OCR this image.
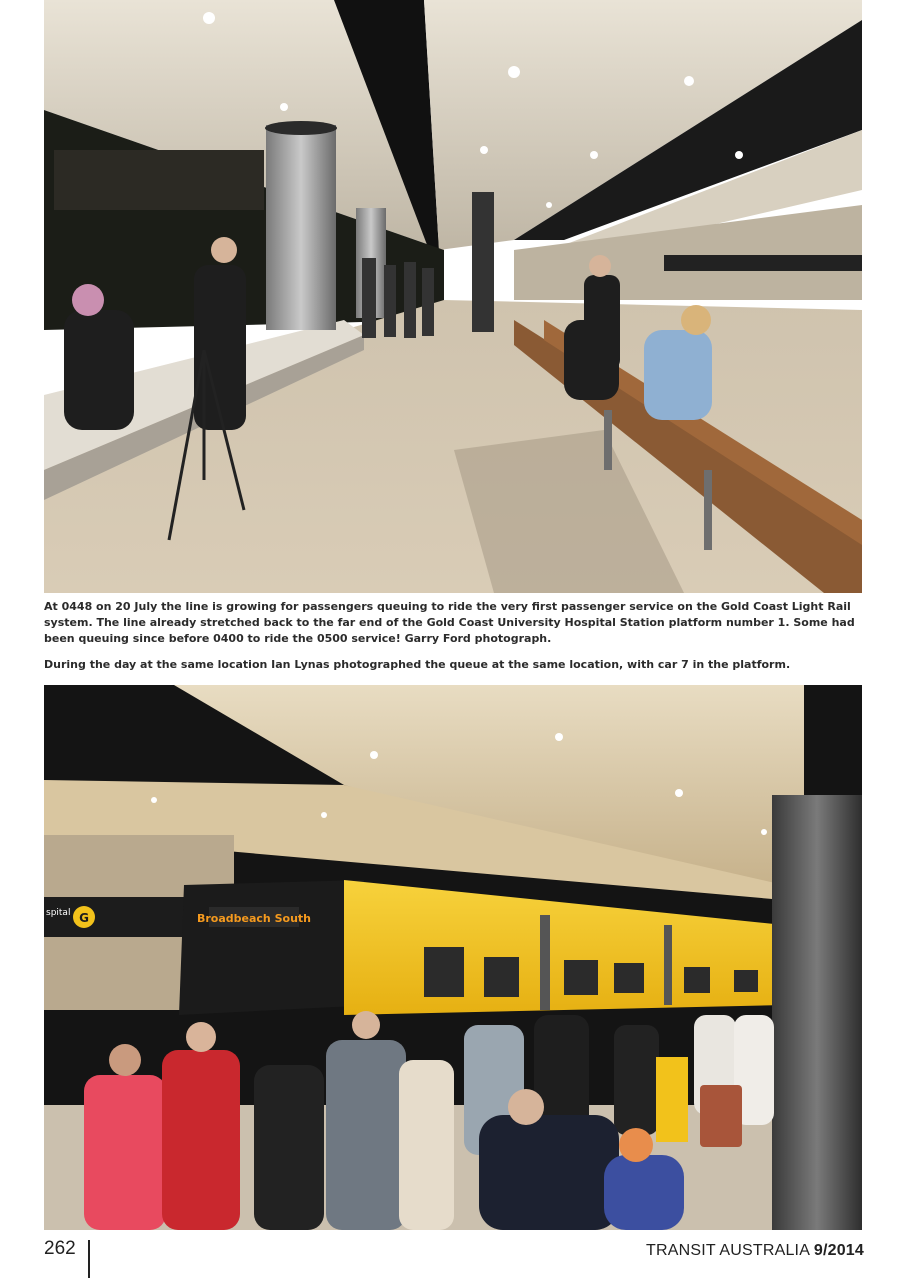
At 0448 on 20 July the line is growing for passengers queuing to ride the very first passenger service on the Gold Coast Light Rail system. The line already stretched back to the far end of the Gold Coast University Hospital Station platform number 1. Some had been queuing since before 0400 to ride the 0500 service! Garry Ford photograph.

During the day at the same location Ian Lynas photographed the queue at the same location, with car 7 in the platform.

G
spital	Broadbeach South
262	TRANSIT AUSTRALIA 9/2014
